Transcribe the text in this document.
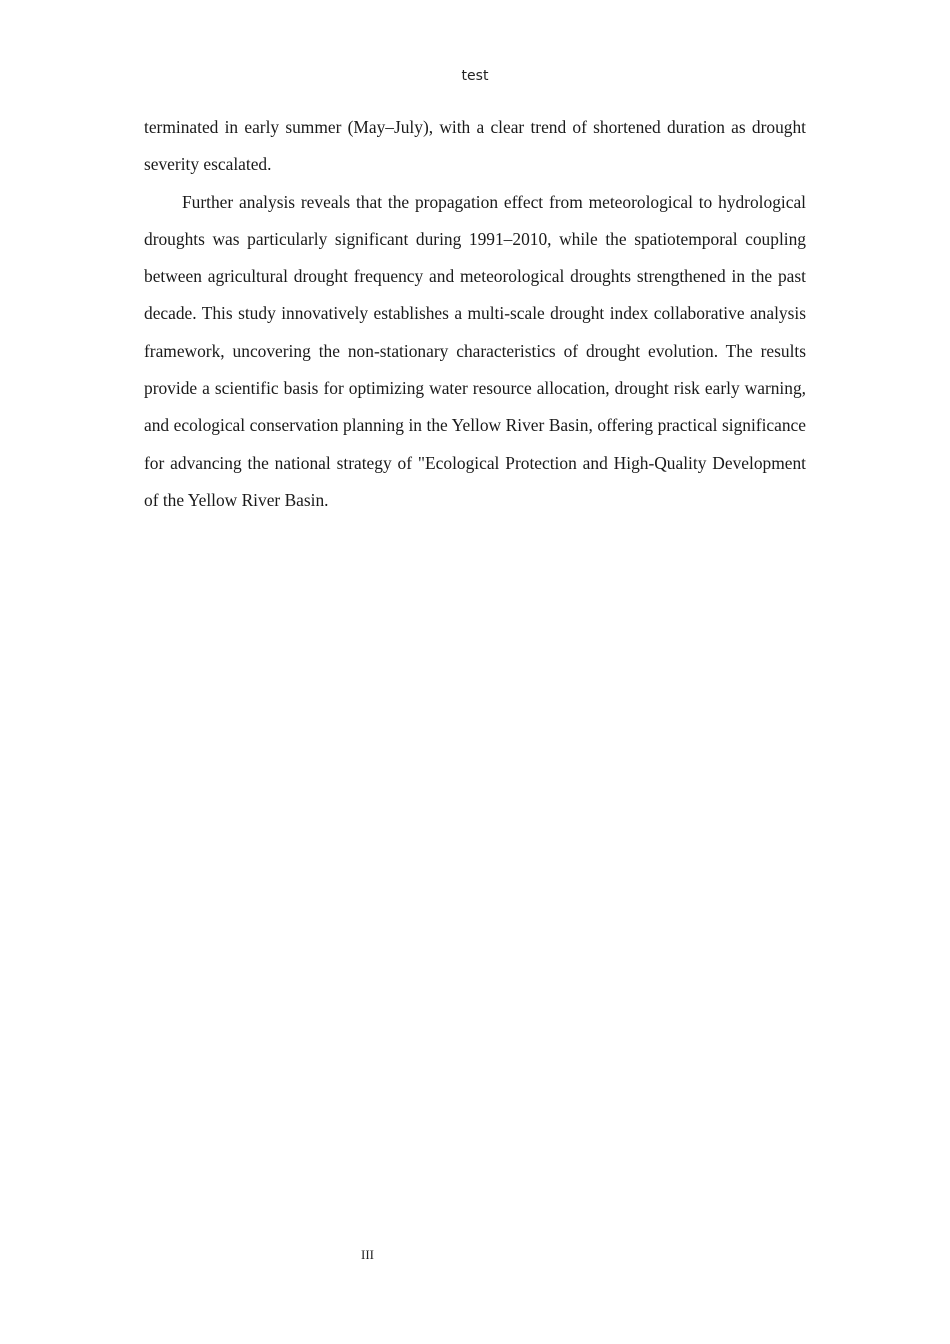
test

terminated in early summer (May–July), with a clear trend of shortened duration as drought severity escalated.

Further analysis reveals that the propagation effect from meteorological to hydrological droughts was particularly significant during 1991–2010, while the spatiotemporal coupling between agricultural drought frequency and meteorological droughts strengthened in the past decade. This study innovatively establishes a multi-scale drought index collaborative analysis framework, uncovering the non-stationary characteristics of drought evolution. The results provide a scientific basis for optimizing water resource allocation, drought risk early warning, and ecological conservation planning in the Yellow River Basin, offering practical significance for advancing the national strategy of "Ecological Protection and High-Quality Development of the Yellow River Basin.

III
